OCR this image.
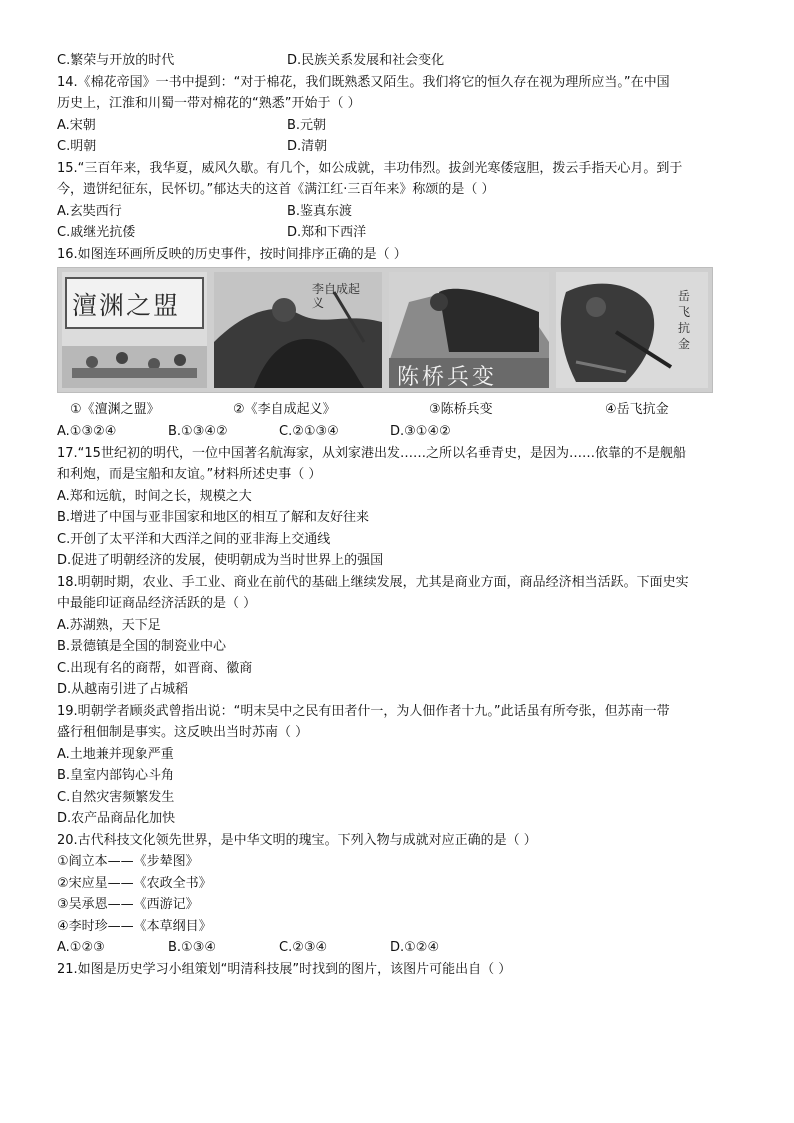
C.繁荣与开放的时代	D.民族关系发展和社会变化
14.《棉花帝国》一书中提到：“对于棉花，我们既熟悉又陌生。我们将它的恒久存在视为理所应当。”在中国
历史上，江淮和川蜀一带对棉花的“熟悉”开始于（ ）
A.宋朝	B.元朝
C.明朝	D.清朝
15.“三百年来，我华夏，威风久歇。有几个，如公成就，丰功伟烈。拔剑光寒倭寇胆，拨云手指天心月。到于
今，遗饼纪征东，民怀切。”郁达夫的这首《满江红·三百年来》称颂的是（ ）
A.玄奘西行	B.鉴真东渡
C.戚继光抗倭	D.郑和下西洋
16.如图连环画所反映的历史事件，按时间排序正确的是（ ）
澶渊之盟
李自成起义
陈桥兵变
岳飞抗金
①《澶渊之盟》	②《李自成起义》	③陈桥兵变	④岳飞抗金
A.①③②④	B.①③④②	C.②①③④	D.③①④②
17.“15世纪初的明代，一位中国著名航海家，从刘家港出发……之所以名垂青史，是因为……依靠的不是舰船
和利炮，而是宝船和友谊。”材料所述史事（ ）
A.郑和远航，时间之长，规模之大
B.增进了中国与亚非国家和地区的相互了解和友好往来
C.开创了太平洋和大西洋之间的亚非海上交通线
D.促进了明朝经济的发展，使明朝成为当时世界上的强国
18.明朝时期，农业、手工业、商业在前代的基础上继续发展，尤其是商业方面，商品经济相当活跃。下面史实
中最能印证商品经济活跃的是（ ）
A.苏湖熟，天下足
B.景德镇是全国的制瓷业中心
C.出现有名的商帮，如晋商、徽商
D.从越南引进了占城稻
19.明朝学者顾炎武曾指出说：“明末吴中之民有田者什一，为人佃作者十九。”此话虽有所夸张，但苏南一带
盛行租佃制是事实。这反映出当时苏南（ ）
A.土地兼并现象严重
B.皇室内部钩心斗角
C.自然灾害频繁发生
D.农产品商品化加快
20.古代科技文化领先世界，是中华文明的瑰宝。下列入物与成就对应正确的是（ ）
①阎立本——《步辇图》
②宋应星——《农政全书》
③吴承恩——《西游记》
④李时珍——《本草纲目》
A.①②③	B.①③④	C.②③④	D.①②④
21.如图是历史学习小组策划“明清科技展”时找到的图片，该图片可能出自（ ）
